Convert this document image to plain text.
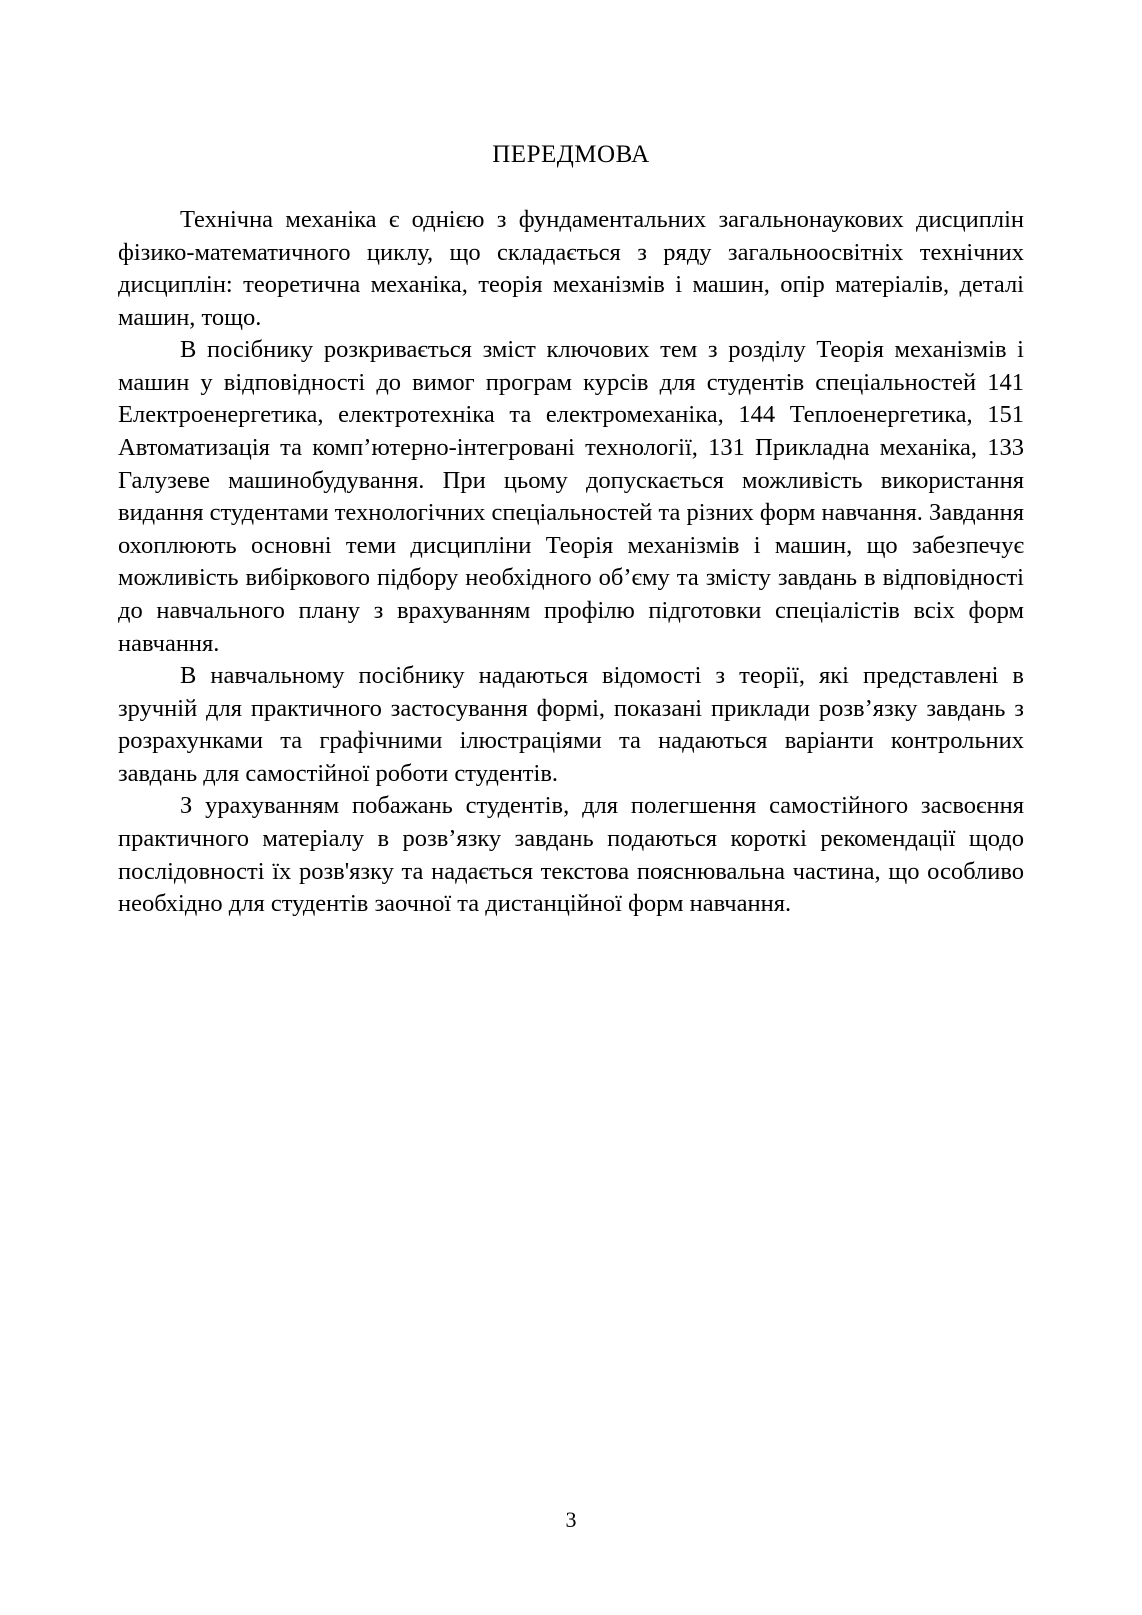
ПЕРЕДМОВА

Технічна механіка є однією з фундаментальних загальнонаукових дисциплін фізико-математичного циклу, що складається з ряду загальноосвітніх технічних дисциплін: теоретична механіка, теорія механізмів і машин, опір матеріалів, деталі машин, тощо.

В посібнику розкривається зміст ключових тем з розділу Теорія механізмів і машин у відповідності до вимог програм курсів для студентів спеціальностей 141 Електроенергетика, електротехніка та електромеханіка, 144 Теплоенергетика, 151 Автоматизація та комп’ютерно-інтегровані технології, 131 Прикладна механіка, 133 Галузеве машинобудування. При цьому допускається можливість використання видання студентами технологічних спеціальностей та різних форм навчання. Завдання охоплюють основні теми дисципліни Теорія механізмів і машин, що забезпечує можливість вибіркового підбору необхідного об’єму та змісту завдань в відповідності до навчального плану з врахуванням профілю підготовки спеціалістів всіх форм навчання.

В навчальному посібнику надаються відомості з теорії, які представлені в зручній для практичного застосування формі, показані приклади розв’язку завдань з розрахунками та графічними ілюстраціями та надаються варіанти контрольних завдань для самостійної роботи студентів.

З урахуванням побажань студентів, для полегшення самостійного засвоєння практичного матеріалу в розв’язку завдань подаються короткі рекомендації щодо послідовності їх розв'язку та надається текстова пояснювальна частина, що особливо необхідно для студентів заочної та дистанційної форм навчання.

3
